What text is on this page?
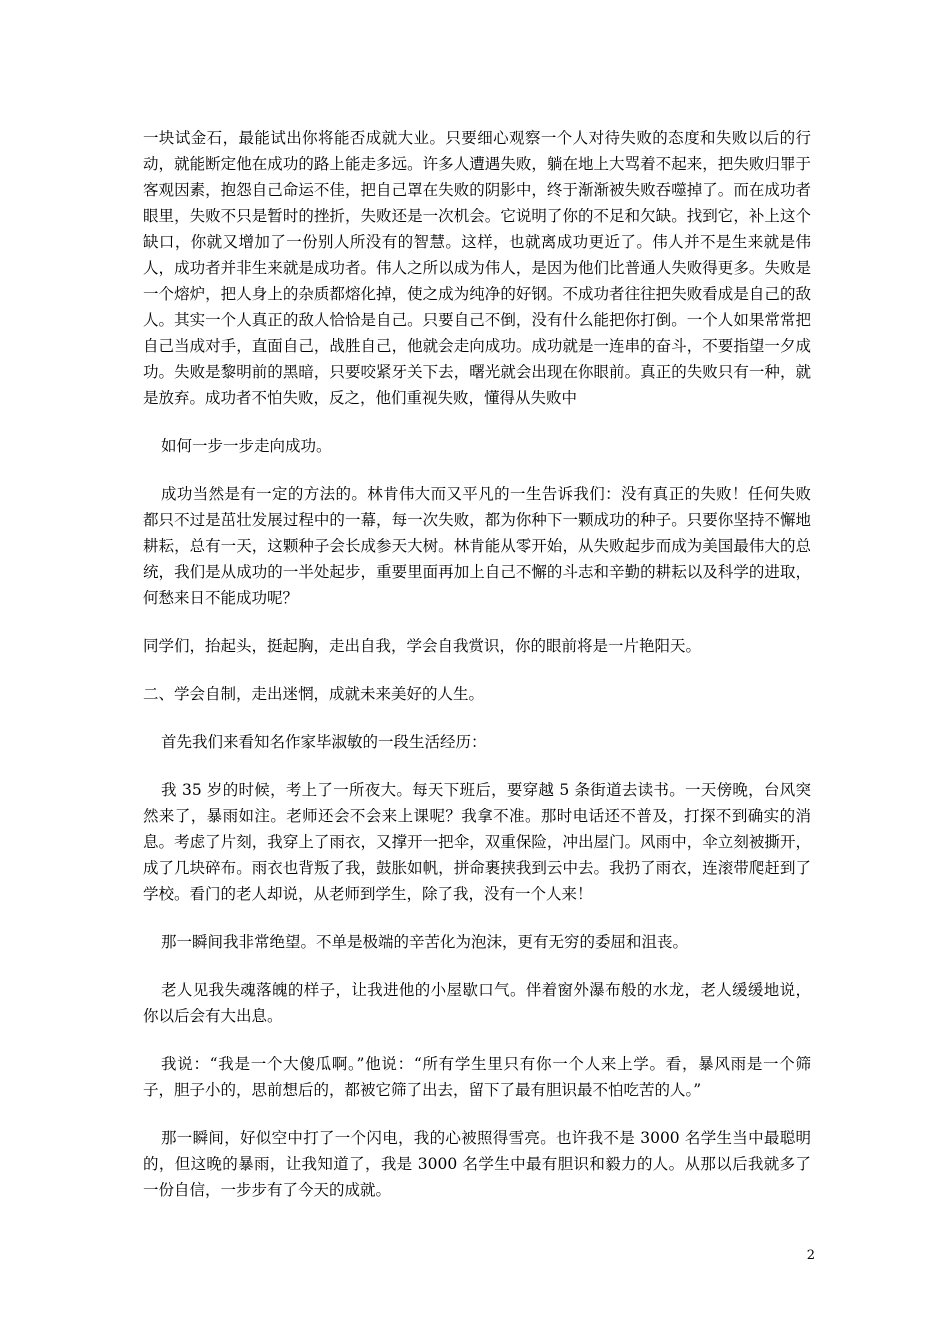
一块试金石，最能试出你将能否成就大业。只要细心观察一个人对待失败的态度和失败以后的行动，就能断定他在成功的路上能走多远。许多人遭遇失败，躺在地上大骂着不起来，把失败归罪于客观因素，抱怨自己命运不佳，把自己罩在失败的阴影中，终于渐渐被失败吞噬掉了。而在成功者眼里，失败不只是暂时的挫折，失败还是一次机会。它说明了你的不足和欠缺。找到它，补上这个缺口，你就又增加了一份别人所没有的智慧。这样，也就离成功更近了。伟人并不是生来就是伟人，成功者并非生来就是成功者。伟人之所以成为伟人，是因为他们比普通人失败得更多。失败是一个熔炉，把人身上的杂质都熔化掉，使之成为纯净的好钢。不成功者往往把失败看成是自己的敌人。其实一个人真正的敌人恰恰是自己。只要自己不倒，没有什么能把你打倒。一个人如果常常把自己当成对手，直面自己，战胜自己，他就会走向成功。成功就是一连串的奋斗，不要指望一夕成功。失败是黎明前的黑暗，只要咬紧牙关下去，曙光就会出现在你眼前。真正的失败只有一种，就是放弃。成功者不怕失败，反之，他们重视失败，懂得从失败中

如何一步一步走向成功。

成功当然是有一定的方法的。林肯伟大而又平凡的一生告诉我们：没有真正的失败！任何失败都只不过是茁壮发展过程中的一幕，每一次失败，都为你种下一颗成功的种子。只要你坚持不懈地耕耘，总有一天，这颗种子会长成参天大树。林肯能从零开始，从失败起步而成为美国最伟大的总统，我们是从成功的一半处起步，重要里面再加上自己不懈的斗志和辛勤的耕耘以及科学的进取，何愁来日不能成功呢？

同学们，抬起头，挺起胸，走出自我，学会自我赏识，你的眼前将是一片艳阳天。

二、学会自制，走出迷惘，成就未来美好的人生。

首先我们来看知名作家毕淑敏的一段生活经历：

我 35 岁的时候，考上了一所夜大。每天下班后，要穿越 5 条街道去读书。一天傍晚，台风突然来了，暴雨如注。老师还会不会来上课呢？我拿不准。那时电话还不普及，打探不到确实的消息。考虑了片刻，我穿上了雨衣，又撑开一把伞，双重保险，冲出屋门。风雨中，伞立刻被撕开，成了几块碎布。雨衣也背叛了我，鼓胀如帆，拼命裹挟我到云中去。我扔了雨衣，连滚带爬赶到了学校。看门的老人却说，从老师到学生，除了我，没有一个人来！

那一瞬间我非常绝望。不单是极端的辛苦化为泡沫，更有无穷的委屈和沮丧。

老人见我失魂落魄的样子，让我进他的小屋歇口气。伴着窗外瀑布般的水龙，老人缓缓地说，你以后会有大出息。

我说：“我是一个大傻瓜啊。”他说：“所有学生里只有你一个人来上学。看，暴风雨是一个筛子，胆子小的，思前想后的，都被它筛了出去，留下了最有胆识最不怕吃苦的人。”

那一瞬间，好似空中打了一个闪电，我的心被照得雪亮。也许我不是 3000 名学生当中最聪明的，但这晚的暴雨，让我知道了，我是 3000 名学生中最有胆识和毅力的人。从那以后我就多了一份自信，一步步有了今天的成就。

2
